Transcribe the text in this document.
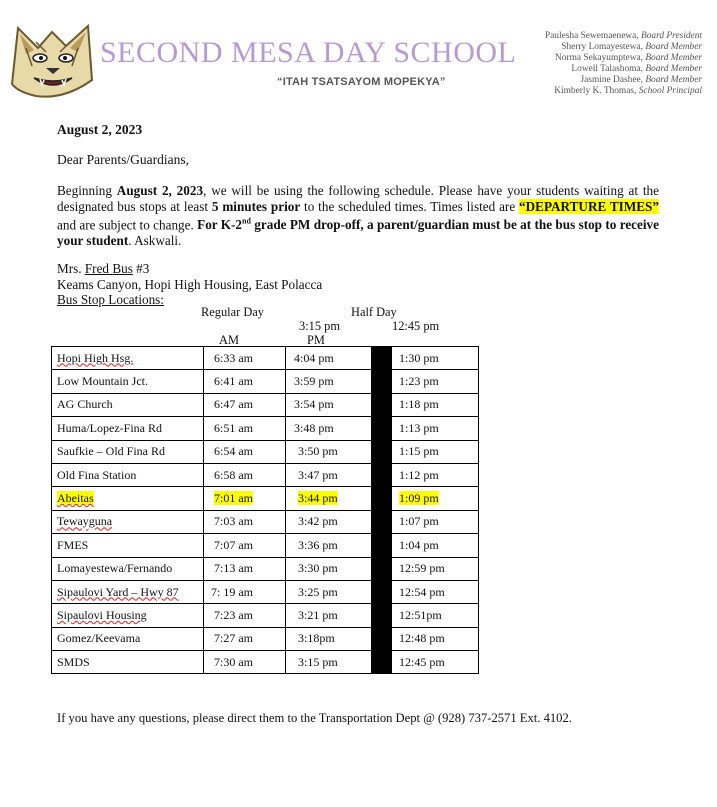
SECOND MESA DAY SCHOOL
“ITAH TSATSAYOM MOPEKYA”
Paulesha Sewemaenewa, Board President
Sherry Lomayestewa, Board Member
Norma Sekayumptewa, Board Member
Lowell Talashoma, Board Member
Jasmine Dashee, Board Member
Kimberly K. Thomas, School Principal
August 2, 2023
Dear Parents/Guardians,
Beginning August 2, 2023, we will be using the following schedule. Please have your students waiting at the designated bus stops at least 5 minutes prior to the scheduled times. Times listed are “DEPARTURE TIMES” and are subject to change. For K-2nd grade PM drop-off, a parent/guardian must be at the bus stop to receive your student. Askwali.
Mrs. Fred Bus #3
Keams Canyon, Hopi High Housing, East Polacca
Bus Stop Locations:
Regular Day	Half Day
3:15 pm	12:45 pm
AM	PM
Hopi High Hsg.	6:33 am	4:04 pm		1:30 pm
Low Mountain Jct.	6:41 am	3:59 pm		1:23 pm
AG Church	6:47 am	3:54 pm		1:18 pm
Huma/Lopez-Fina Rd	6:51 am	3:48 pm		1:13 pm
Saufkie – Old Fina Rd	6:54 am	3:50 pm		1:15 pm
Old Fina Station	6:58 am	3:47 pm		1:12 pm
Abeitas	7:01 am	3:44 pm		1:09 pm
Tewayguna	7:03 am	3:42 pm		1:07 pm
FMES	7:07 am	3:36 pm		1:04 pm
Lomayestewa/Fernando	7:13 am	3:30 pm		12:59 pm
Sipaulovi Yard – Hwy 87	7: 19 am	3:25 pm		12:54 pm
Sipaulovi Housing	7:23 am	3:21 pm		12:51pm
Gomez/Keevama	7:27 am	3:18pm		12:48 pm
SMDS	7:30 am	3:15 pm		12:45 pm
If you have any questions, please direct them to the Transportation Dept @ (928) 737-2571 Ext. 4102.
